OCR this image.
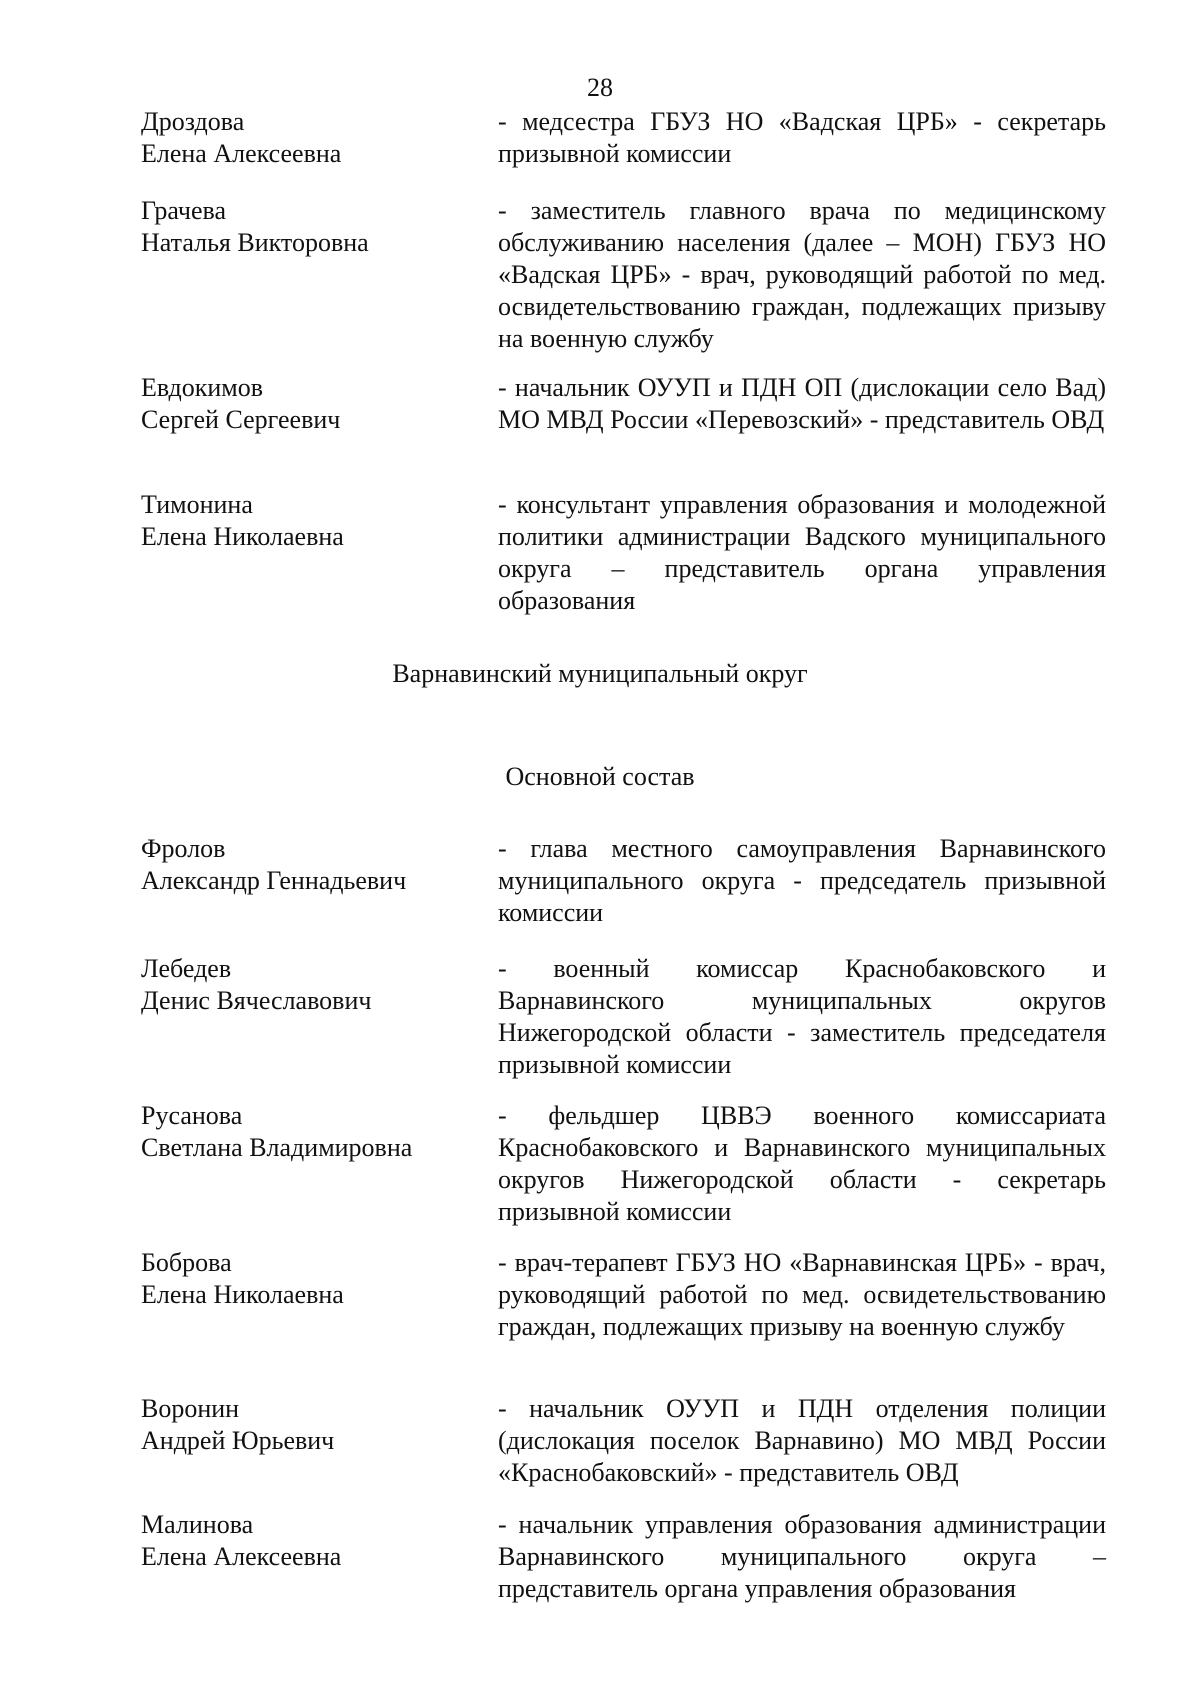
28
Дроздова
Елена Алексеевна
- медсестра ГБУЗ НО «Вадская ЦРБ» - секретарь призывной комиссии
Грачева
Наталья Викторовна
- заместитель главного врача по медицинскому обслуживанию населения (далее – МОН) ГБУЗ НО «Вадская ЦРБ» - врач, руководящий работой по мед. освидетельствованию граждан, подлежащих призыву на военную службу
Евдокимов
Сергей Сергеевич
- начальник ОУУП и ПДН ОП (дислокации село Вад) МО МВД России «Перевозский» - представитель ОВД
Тимонина
Елена Николаевна
- консультант управления образования и молодежной политики администрации Вадского муниципального округа – представитель органа управления образования
Варнавинский муниципальный округ
Основной состав
Фролов
Александр Геннадьевич
- глава местного самоуправления Варнавинского муниципального округа - председатель призывной комиссии
Лебедев
Денис Вячеславович
- военный комиссар Краснобаковского и Варнавинского муниципальных округов Нижегородской области - заместитель председателя призывной комиссии
Русанова
Светлана Владимировна
- фельдшер ЦВВЭ военного комиссариата Краснобаковского и Варнавинского муниципальных округов Нижегородской области - секретарь призывной комиссии
Боброва
Елена Николаевна
- врач-терапевт ГБУЗ НО «Варнавинская ЦРБ» - врач, руководящий работой по мед. освидетельствованию граждан, подлежащих призыву на военную службу
Воронин
Андрей Юрьевич
- начальник ОУУП и ПДН отделения полиции (дислокация поселок Варнавино) МО МВД России «Краснобаковский» - представитель ОВД
Малинова
Елена Алексеевна
- начальник управления образования администрации Варнавинского муниципального округа – представитель органа управления образования
